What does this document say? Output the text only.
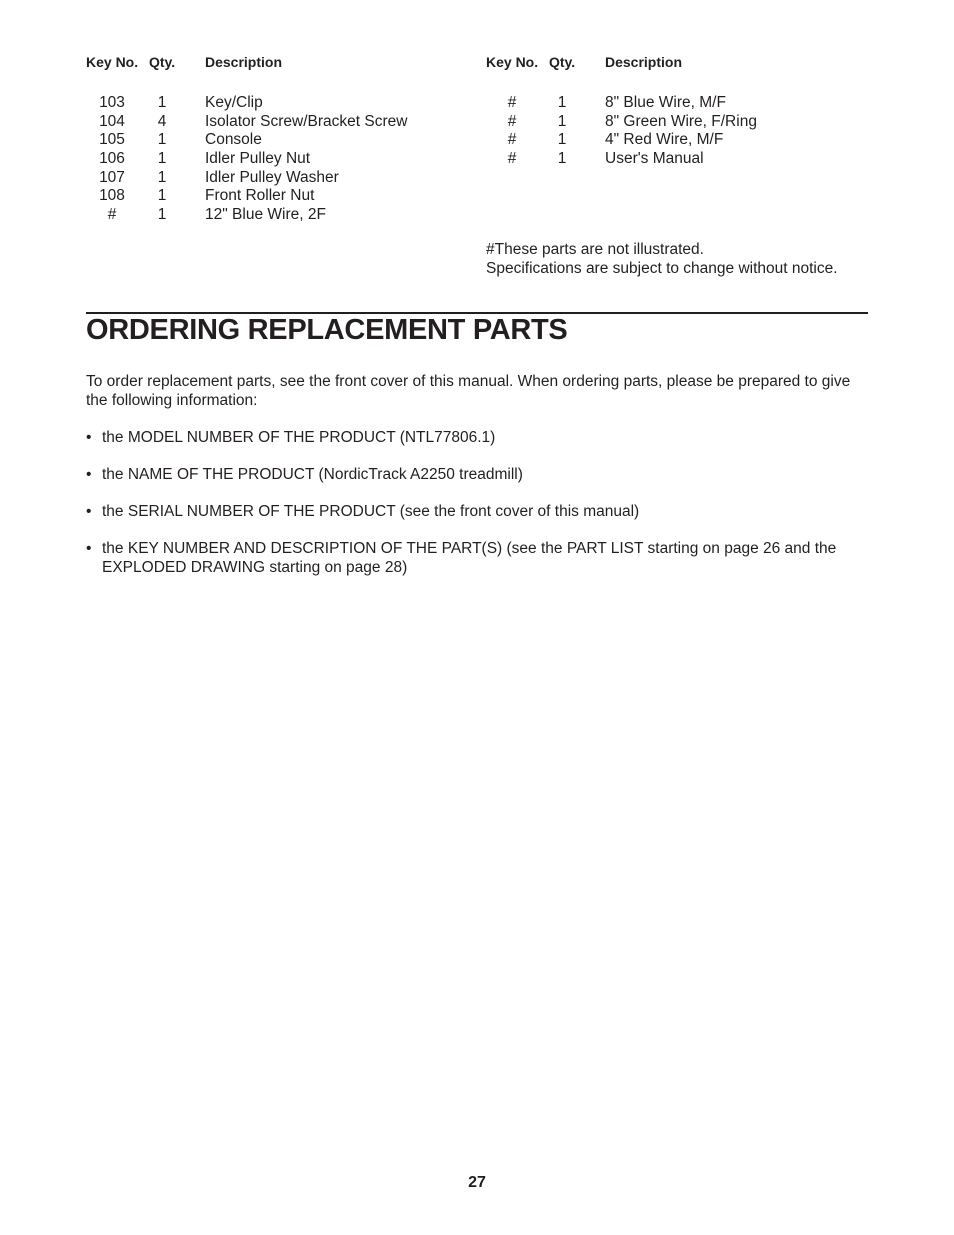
Key No. Qty. Description
103	1	Key/Clip
104	4	Isolator Screw/Bracket Screw
105	1	Console
106	1	Idler Pulley Nut
107	1	Idler Pulley Washer
108	1	Front Roller Nut
#	1	12" Blue Wire, 2F
Key No. Qty. Description
#	1	8" Blue Wire, M/F
#	1	8" Green Wire, F/Ring
#	1	4" Red Wire, M/F
#	1	User's Manual
#These parts are not illustrated.
Specifications are subject to change without notice.
ORDERING REPLACEMENT PARTS

To order replacement parts, see the front cover of this manual. When ordering parts, please be prepared to give the following information:

• the MODEL NUMBER OF THE PRODUCT (NTL77806.1)
• the NAME OF THE PRODUCT (NordicTrack A2250 treadmill)
• the SERIAL NUMBER OF THE PRODUCT (see the front cover of this manual)
• the KEY NUMBER AND DESCRIPTION OF THE PART(S) (see the PART LIST starting on page 26 and the EXPLODED DRAWING starting on page 28)
27
